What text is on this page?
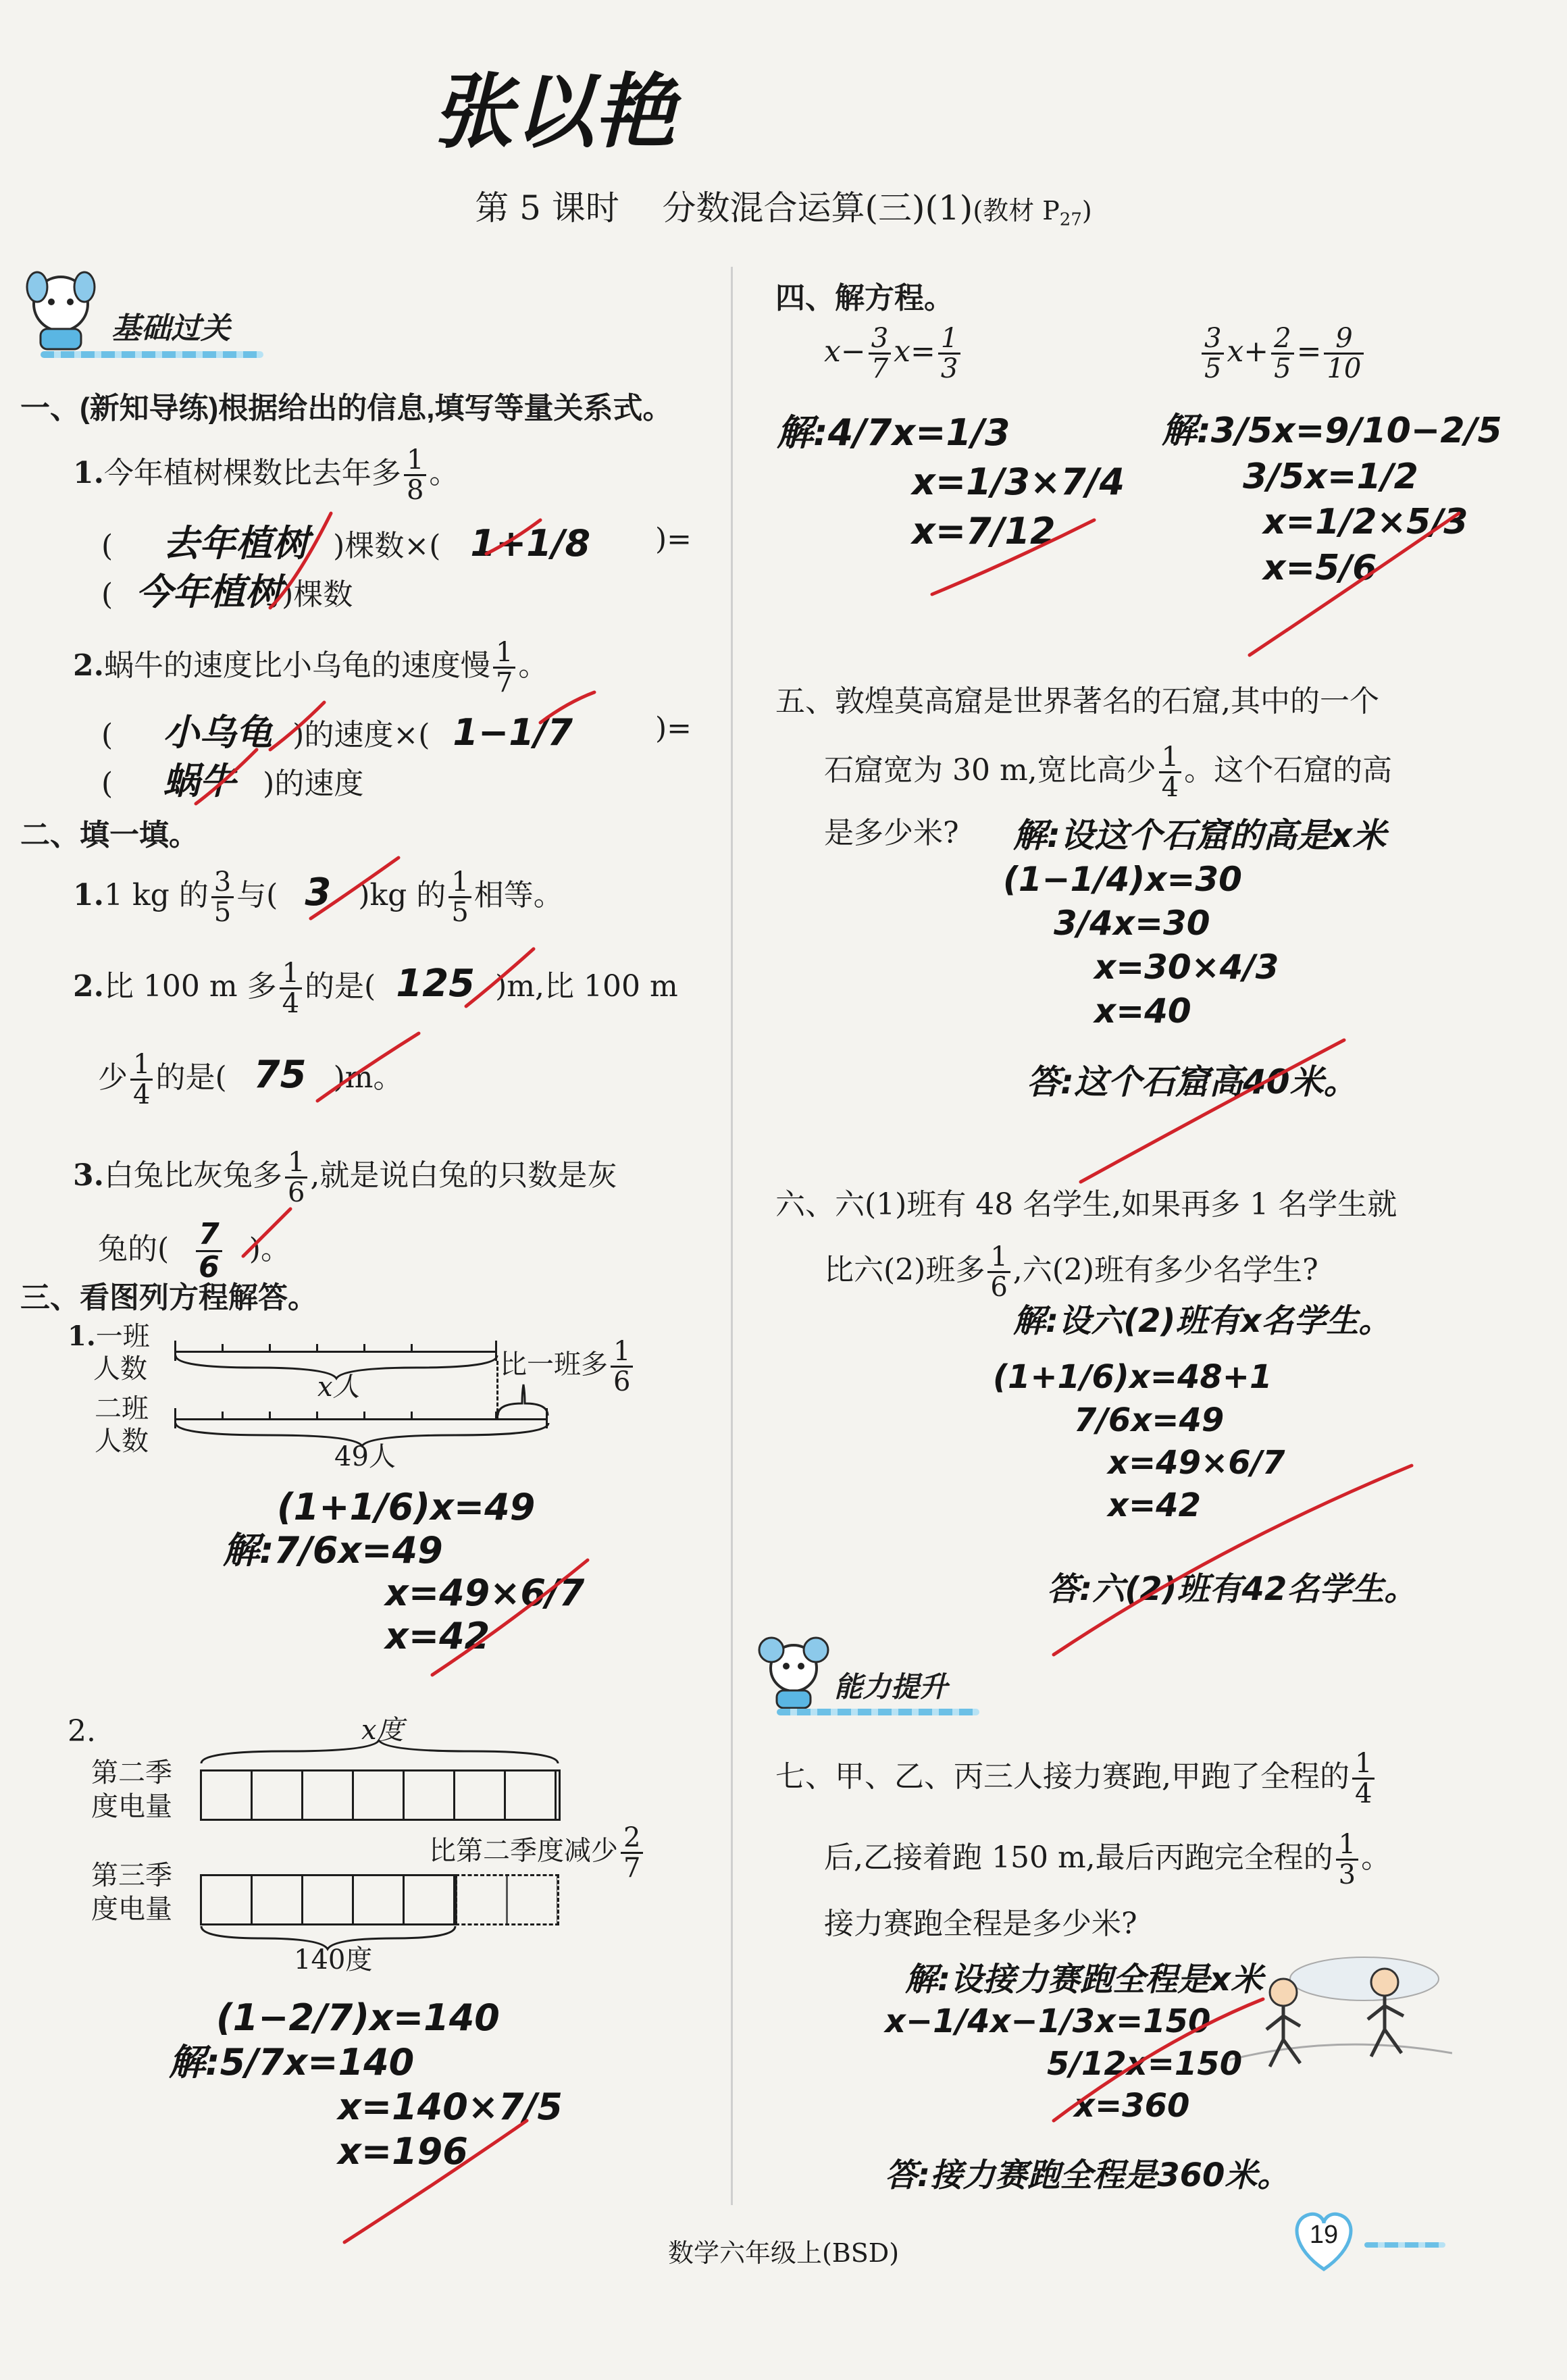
张以艳
第 5 课时 分数混合运算(三)(1)(教材 $P_{27}$)
基础过关
一、(新知导练)根据给出的信息,填写等量关系式。
1.今年植树棵数比去年多 $\frac{1}{8}$ 。
( 去年植树 )棵数×( 1+1/8 )=
( 今年植树)棵数
2.蜗牛的速度比小乌龟的速度慢 $\frac{1}{7}$ 。
( 小乌龟 )的速度×( 1−1/7	)=
( 蜗牛 )的速度
二、填一填。
1.1 kg 的 $\frac{3}{5}$ 与( 3 )kg 的 $\frac{1}{5}$ 相等。
2.比 100 m 多 $\frac{1}{4}$ 的是( 125 )m,比 100 m
少 $\frac{1}{4}$ 的是( 75 )m。
3.白兔比灰兔多 $\frac{1}{6}$ ,就是说白兔的只数是灰
兔的( $\frac{7}{6}$ )。
三、看图列方程解答。
1.一班
人数
x人
二班
人数
比一班多 $\frac{1}{6}$
49人
(1+1/6)x=49
解:7/6x=49
x=49×6/7
x=42
2.	x度
第二季
度电量
比第二季度减少 $\frac{2}{7}$
第三季
度电量
140度
(1−2/7)x=140
解:5/7x=140
x=140×7/5
x=196
四、解方程。
$x- \frac{3}{7} x= \frac{1}{3}$	$\frac{3}{5} x+ \frac{2}{5} = \frac{9}{10}$
解:4/7x=1/3
x=1/3×7/4
x=7/12
解:3/5x=9/10−2/5
3/5x=1/2
x=1/2×5/3
x=5/6
五、敦煌莫高窟是世界著名的石窟,其中的一个
石窟宽为 30 m,宽比高少 $\frac{1}{4}$ 。这个石窟的高
是多少米? 解:设这个石窟的高是x米
(1−1/4)x=30
3/4x=30
x=30×4/3
x=40
答:这个石窟高40米。
六、六(1)班有 48 名学生,如果再多 1 名学生就
比六(2)班多 $\frac{1}{6}$ ,六(2)班有多少名学生?
解:设六(2)班有x名学生。
(1+1/6)x=48+1
7/6x=49
x=49×6/7
x=42
答:六(2)班有42名学生。
能力提升
七、甲、乙、丙三人接力赛跑,甲跑了全程的 $\frac{1}{4}$
后,乙接着跑 150 m,最后丙跑完全程的 $\frac{1}{3}$ 。
接力赛跑全程是多少米?
解:设接力赛跑全程是x米
x−1/4x−1/3x=150
5/12x=150
x=360
答:接力赛跑全程是360米。
数学六年级上(BSD)
19
